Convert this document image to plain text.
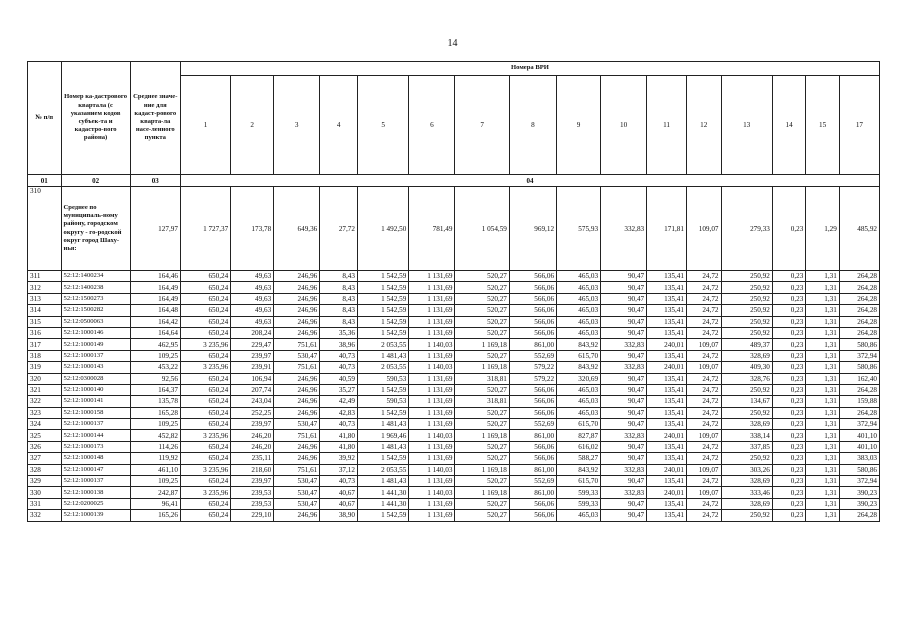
14
№ п/п	Номер ка-дастрового квартала (с указанием кодов субъек-та и кадастро-вого района)	Среднее значе-ние для кадаст-рового кварта-ла насе-ленного пункта	Номера ВРИ															
			1	2	3	4	5	6	7	8	9	10	11	12	13	14	15	17
01	02	03	04															
310	Среднее по муниципаль-ному району, городском округу - го-родской округ город Шаху-нья:	127,97	1 727,37	173,78	649,36	27,72	1 492,50	781,49	1 054,59	969,12	575,93	332,83	171,81	109,07	279,33	0,23	1,29	485,92
311	52:12:1400234	164,46	650,24	49,63	246,96	8,43	1 542,59	1 131,69	520,27	566,06	465,03	90,47	135,41	24,72	250,92	0,23	1,31	264,28
312	52:12:1400238	164,49	650,24	49,63	246,96	8,43	1 542,59	1 131,69	520,27	566,06	465,03	90,47	135,41	24,72	250,92	0,23	1,31	264,28
313	52:12:1500273	164,49	650,24	49,63	246,96	8,43	1 542,59	1 131,69	520,27	566,06	465,03	90,47	135,41	24,72	250,92	0,23	1,31	264,28
314	52:12:1500282	164,48	650,24	49,63	246,96	8,43	1 542,59	1 131,69	520,27	566,06	465,03	90,47	135,41	24,72	250,92	0,23	1,31	264,28
315	52:12:0500063	164,42	650,24	49,63	246,96	8,43	1 542,59	1 131,69	520,27	566,06	465,03	90,47	135,41	24,72	250,92	0,23	1,31	264,28
316	52:12:1000146	164,64	650,24	208,24	246,96	35,36	1 542,59	1 131,69	520,27	566,06	465,03	90,47	135,41	24,72	250,92	0,23	1,31	264,28
317	52:12:1000149	462,95	3 235,96	229,47	751,61	38,96	2 053,55	1 140,03	1 169,18	861,00	843,92	332,83	240,01	109,07	489,37	0,23	1,31	580,86
318	52:12:1000137	109,25	650,24	239,97	530,47	40,73	1 481,43	1 131,69	520,27	552,69	615,70	90,47	135,41	24,72	328,69	0,23	1,31	372,94
319	52:12:1000143	453,22	3 235,96	239,91	751,61	40,73	2 053,55	1 140,03	1 169,18	579,22	843,92	332,83	240,01	109,07	409,30	0,23	1,31	580,86
320	52:12:0300028	92,56	650,24	106,94	246,96	40,59	590,53	1 131,69	318,81	579,22	320,69	90,47	135,41	24,72	328,76	0,23	1,31	162,40
321	52:12:1000140	164,37	650,24	207,74	246,96	35,27	1 542,59	1 131,69	520,27	566,06	465,03	90,47	135,41	24,72	250,92	0,23	1,31	264,28
322	52:12:1000141	135,78	650,24	243,04	246,96	42,49	590,53	1 131,69	318,81	566,06	465,03	90,47	135,41	24,72	134,67	0,23	1,31	159,88
323	52:12:1000158	165,28	650,24	252,25	246,96	42,83	1 542,59	1 131,69	520,27	566,06	465,03	90,47	135,41	24,72	250,92	0,23	1,31	264,28
324	52:12:1000137	109,25	650,24	239,97	530,47	40,73	1 481,43	1 131,69	520,27	552,69	615,70	90,47	135,41	24,72	328,69	0,23	1,31	372,94
325	52:12:1000144	452,82	3 235,96	246,20	751,61	41,80	1 969,46	1 140,03	1 169,18	861,00	827,87	332,83	240,01	109,07	338,14	0,23	1,31	401,10
326	52:12:1000173	114,26	650,24	246,20	246,96	41,80	1 481,43	1 131,69	520,27	566,06	616,02	90,47	135,41	24,72	337,85	0,23	1,31	401,10
327	52:12:1000148	119,92	650,24	235,11	246,96	39,92	1 542,59	1 131,69	520,27	566,06	588,27	90,47	135,41	24,72	250,92	0,23	1,31	383,03
328	52:12:1000147	461,10	3 235,96	218,60	751,61	37,12	2 053,55	1 140,03	1 169,18	861,00	843,92	332,83	240,01	109,07	303,26	0,23	1,31	580,86
329	52:12:1000137	109,25	650,24	239,97	530,47	40,73	1 481,43	1 131,69	520,27	552,69	615,70	90,47	135,41	24,72	328,69	0,23	1,31	372,94
330	52:12:1000138	242,87	3 235,96	239,53	530,47	40,67	1 441,30	1 140,03	1 169,18	861,00	599,33	332,83	240,01	109,07	333,46	0,23	1,31	390,23
331	52:12:0200025	96,41	650,24	239,53	530,47	40,67	1 441,30	1 131,69	520,27	566,06	599,33	90,47	135,41	24,72	328,69	0,23	1,31	390,23
332	52:12:1000139	165,26	650,24	229,10	246,96	38,90	1 542,59	1 131,69	520,27	566,06	465,03	90,47	135,41	24,72	250,92	0,23	1,31	264,28
